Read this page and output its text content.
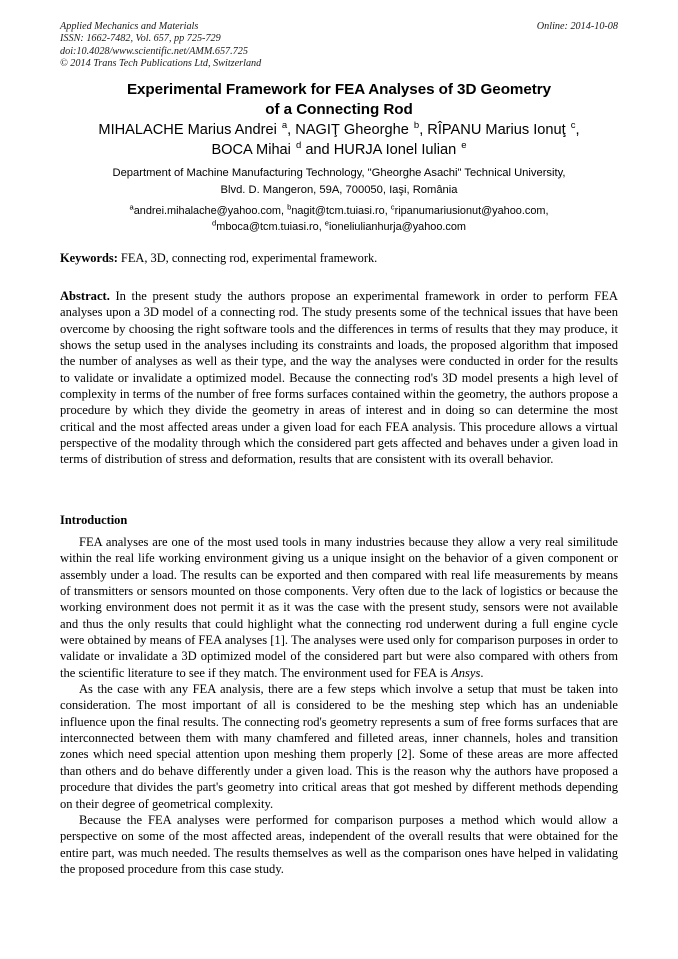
Applied Mechanics and Materials	Online: 2014-10-08
ISSN: 1662-7482, Vol. 657, pp 725-729
doi:10.4028/www.scientific.net/AMM.657.725
© 2014 Trans Tech Publications Ltd, Switzerland
Experimental Framework for FEA Analyses of 3D Geometry
of a Connecting Rod
MIHALACHE Marius Andrei $^a$, NAGIŢ Gheorghe $^b$, RÎPANU Marius Ionuţ $^c$,
BOCA Mihai $^d$ and HURJA Ionel Iulian $^e$
Department of Machine Manufacturing Technology, "Gheorghe Asachi" Technical University,
Blvd. D. Mangeron, 59A, 700050, Iaşi, România
$^a$andrei.mihalache@yahoo.com, $^b$nagit@tcm.tuiasi.ro, $^c$ripanumariusionut@yahoo.com,
$^d$mboca@tcm.tuiasi.ro, $^e$ioneliulianhurja@yahoo.com
Keywords: FEA, 3D, connecting rod, experimental framework.
Abstract. In the present study the authors propose an experimental framework in order to perform FEA analyses upon a 3D model of a connecting rod. The study presents some of the technical issues that have been overcome by choosing the right software tools and the differences in terms of results that they may produce, it shows the setup used in the analyses including its constraints and loads, the proposed algorithm that imposed the number of analyses as well as their type, and the way the analyses were conducted in order for the results to validate or invalidate a optimized model. Because the connecting rod's 3D model presents a high level of complexity in terms of the number of free forms surfaces contained within the geometry, the authors propose a procedure by which they divide the geometry in areas of interest and in doing so can determine the most critical and the most affected areas under a given load for each FEA analysis. This procedure allows a virtual perspective of the modality through which the considered part gets affected and behaves under a given load in terms of distribution of stress and deformation, results that are consistent with its overall behavior.
Introduction

FEA analyses are one of the most used tools in many industries because they allow a very real similitude within the real life working environment giving us a unique insight on the behavior of a given component or assembly under a load. The results can be exported and then compared with real life measurements by means of transmitters or sensors mounted on those components. Very often due to the lack of logistics or because the working environment does not permit it as it was the case with the present study, sensors were not available and thus the only results that could highlight what the connecting rod underwent during a full engine cycle were obtained by means of FEA analyses [1]. The analyses were used only for comparison purposes in order to validate or invalidate a 3D optimized model of the considered part but were also compared with others from the scientific literature to see if they match. The environment used for FEA is Ansys.

As the case with any FEA analysis, there are a few steps which involve a setup that must be taken into consideration. The most important of all is considered to be the meshing step which has an undeniable influence upon the final results. The connecting rod's geometry represents a sum of free forms surfaces that are interconnected between them with many chamfered and filleted areas, inner channels, holes and transition zones which need special attention upon meshing them properly [2]. Some of these areas are more affected than others and do behave differently under a given load. This is the reason why the authors have proposed a procedure that divides the part's geometry into critical areas that got meshed by different methods depending on their degree of geometrical complexity.

Because the FEA analyses were performed for comparison purposes a method which would allow a perspective on some of the most affected areas, independent of the overall results that were obtained for the entire part, was much needed. The results themselves as well as the comparison ones have helped in validating the proposed procedure from this case study.
